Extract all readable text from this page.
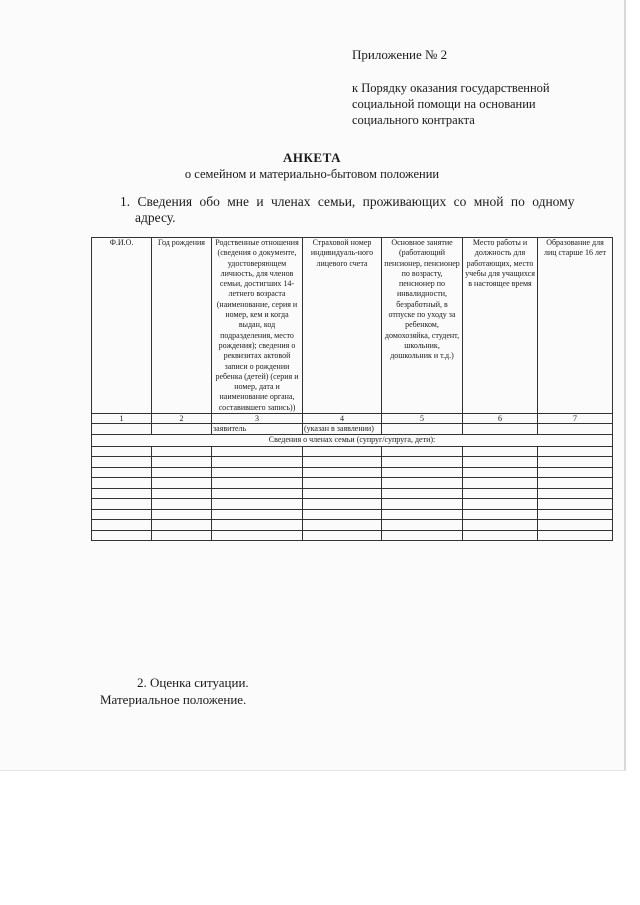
Приложение № 2
к Порядку оказания государственной
социальной помощи на основании
социального контракта
АНКЕТА
о семейном и материально-бытовом положении
1. Сведения обо мне и членах семьи, проживающих со мной по одному
адресу.
Ф.И.О.	Год рождения	Родственные отношения (сведения о документе, удостоверяющем личность, для членов семьи, достигших 14-летнего возраста (наименование, серия и номер, кем и когда выдан, код подразделения, место рождения); сведения о реквизитах актовой записи о рождении ребенка (детей) (серия и номер, дата и наименование органа, составившего запись))	Страховой номер индивидуаль-ного лицевого счета	Основное занятие (работающий пенсионер, пенсионер по возрасту, пенсионер по инвалидности, безработный, в отпуске по уходу за ребенком, домохозяйка, студент, школьник, дошкольник и т.д.)	Место работы и должность для работающих, место учебы для учащихся в настоящее время	Образование для лиц старше 16 лет
1	2	3	4	5	6	7
		заявитель	(указан в заявлении)			
Сведения о членах семьи (супруг/супруга, дети):						

2. Оценка ситуации.
Материальное положение.
